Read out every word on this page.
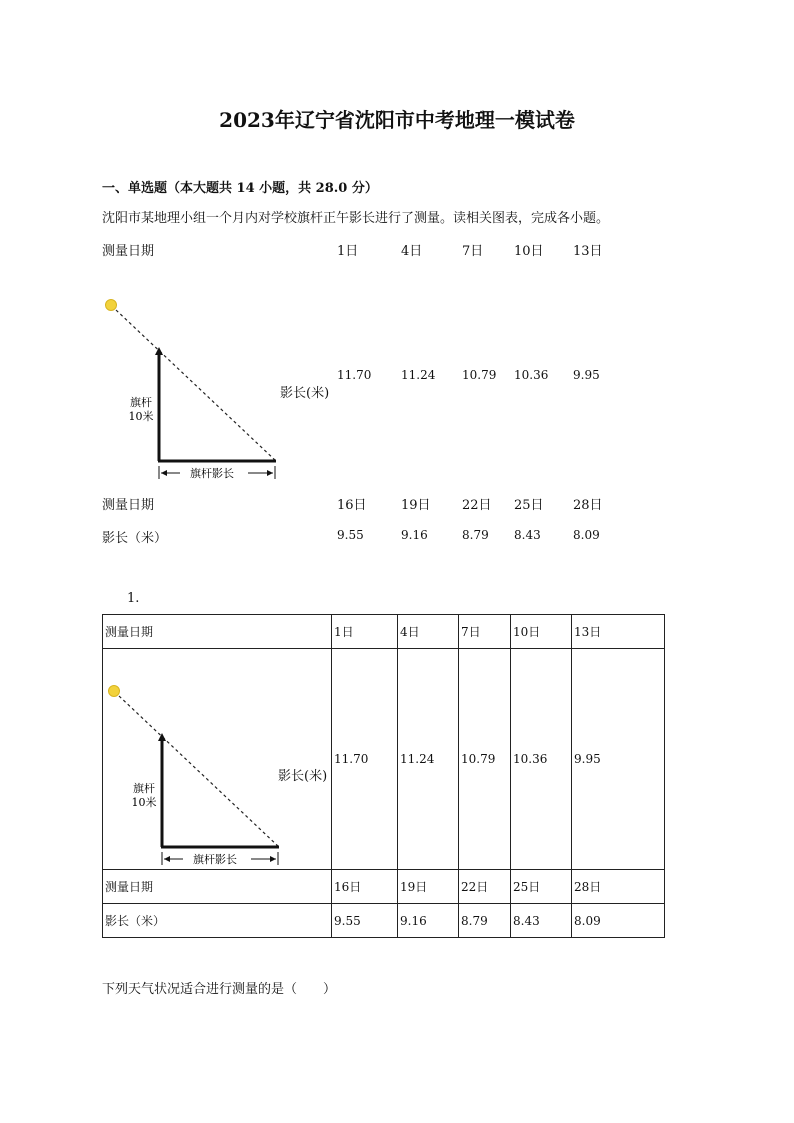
2023年辽宁省沈阳市中考地理一模试卷
一、单选题（本大题共 14 小题，共 28.0 分）
沈阳市某地理小组一个月内对学校旗杆正午影长进行了测量。读相关图表，完成各小题。
测量日期	1日	4日	7日 10日 13日
旗杆影长
旗杆
10米
影长(米)
11.70 11.24 10.79 10.36 9.95
测量日期	16日	19日 22日 25日 28日
影长（米）	9.55	9.16	8.79 8.43	8.09
1.
测量日期	1日	4日	7日	10日	13日

旗杆影长
旗杆
10米
影长(米)	11.70	11.24	10.79	10.36	9.95
测量日期	16日	19日	22日	25日	28日
影长（米）	9.55	9.16	8.79	8.43	8.09
下列天气状况适合进行测量的是（　　）
